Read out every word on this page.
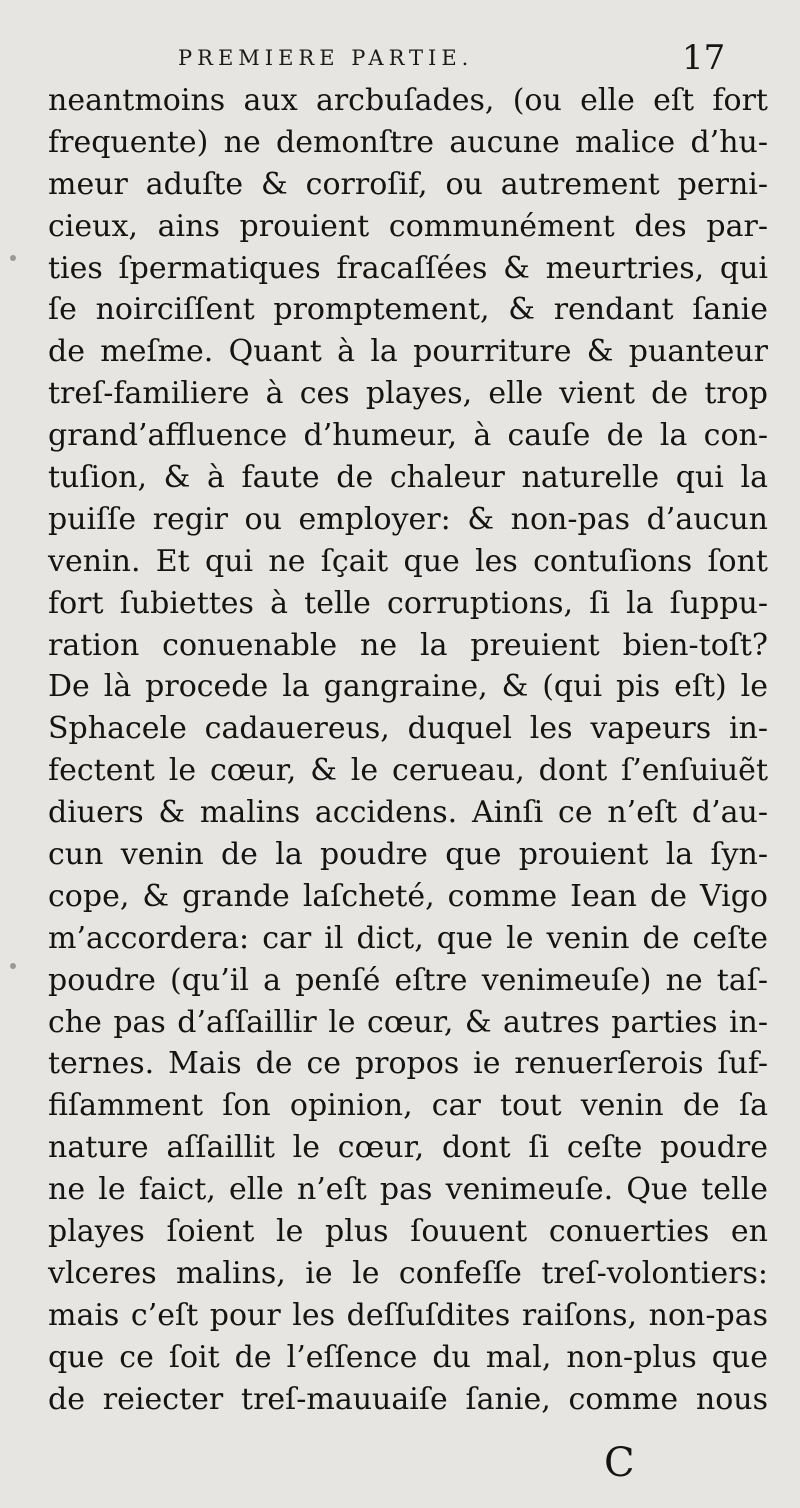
PREMIERE PARTIE.	17
neantmoins aux arcbuſades, (ou elle eſt fort
frequente) ne demonſtre aucune malice d’hu-
meur aduſte & corroſif, ou autrement perni-
cieux, ains prouient communément des par-
ties ſpermatiques fracaſſées & meurtries, qui
ſe noirciſſent promptement, & rendant ſanie
de meſme. Quant à la pourriture & puanteur
treſ-familiere à ces playes, elle vient de trop
grand’affluence d’humeur, à cauſe de la con-
tuſion, & à faute de chaleur naturelle qui la
puiſſe regir ou employer: & non-pas d’aucun
venin. Et qui ne ſçait que les contuſions ſont
fort ſubiettes à telle corruptions, ſi la ſuppu-
ration conuenable ne la preuient bien-toſt?
De là procede la gangraine, & (qui pis eſt) le
Sphacele cadauereus, duquel les vapeurs in-
fectent le cœur, & le cerueau, dont ſ’enſuiuẽt
diuers & malins accidens. Ainſi ce n’eſt d’au-
cun venin de la poudre que prouient la ſyn-
cope, & grande laſcheté, comme Iean de Vigo
m’accordera: car il dict, que le venin de ceſte
poudre (qu’il a penſé eſtre venimeuſe) ne taſ-
che pas d’aſſaillir le cœur, & autres parties in-
ternes. Mais de ce propos ie renuerſerois ſuf-
fiſamment ſon opinion, car tout venin de ſa
nature aſſaillit le cœur, dont ſi ceſte poudre
ne le faict, elle n’eſt pas venimeuſe. Que telle
playes ſoient le plus ſouuent conuerties en
vlceres malins, ie le confeſſe treſ-volontiers:
mais c’eſt pour les deſſuſdites raiſons, non-pas
que ce ſoit de l’eſſence du mal, non-plus que
de reiecter treſ-mauuaiſe ſanie, comme nous
C
